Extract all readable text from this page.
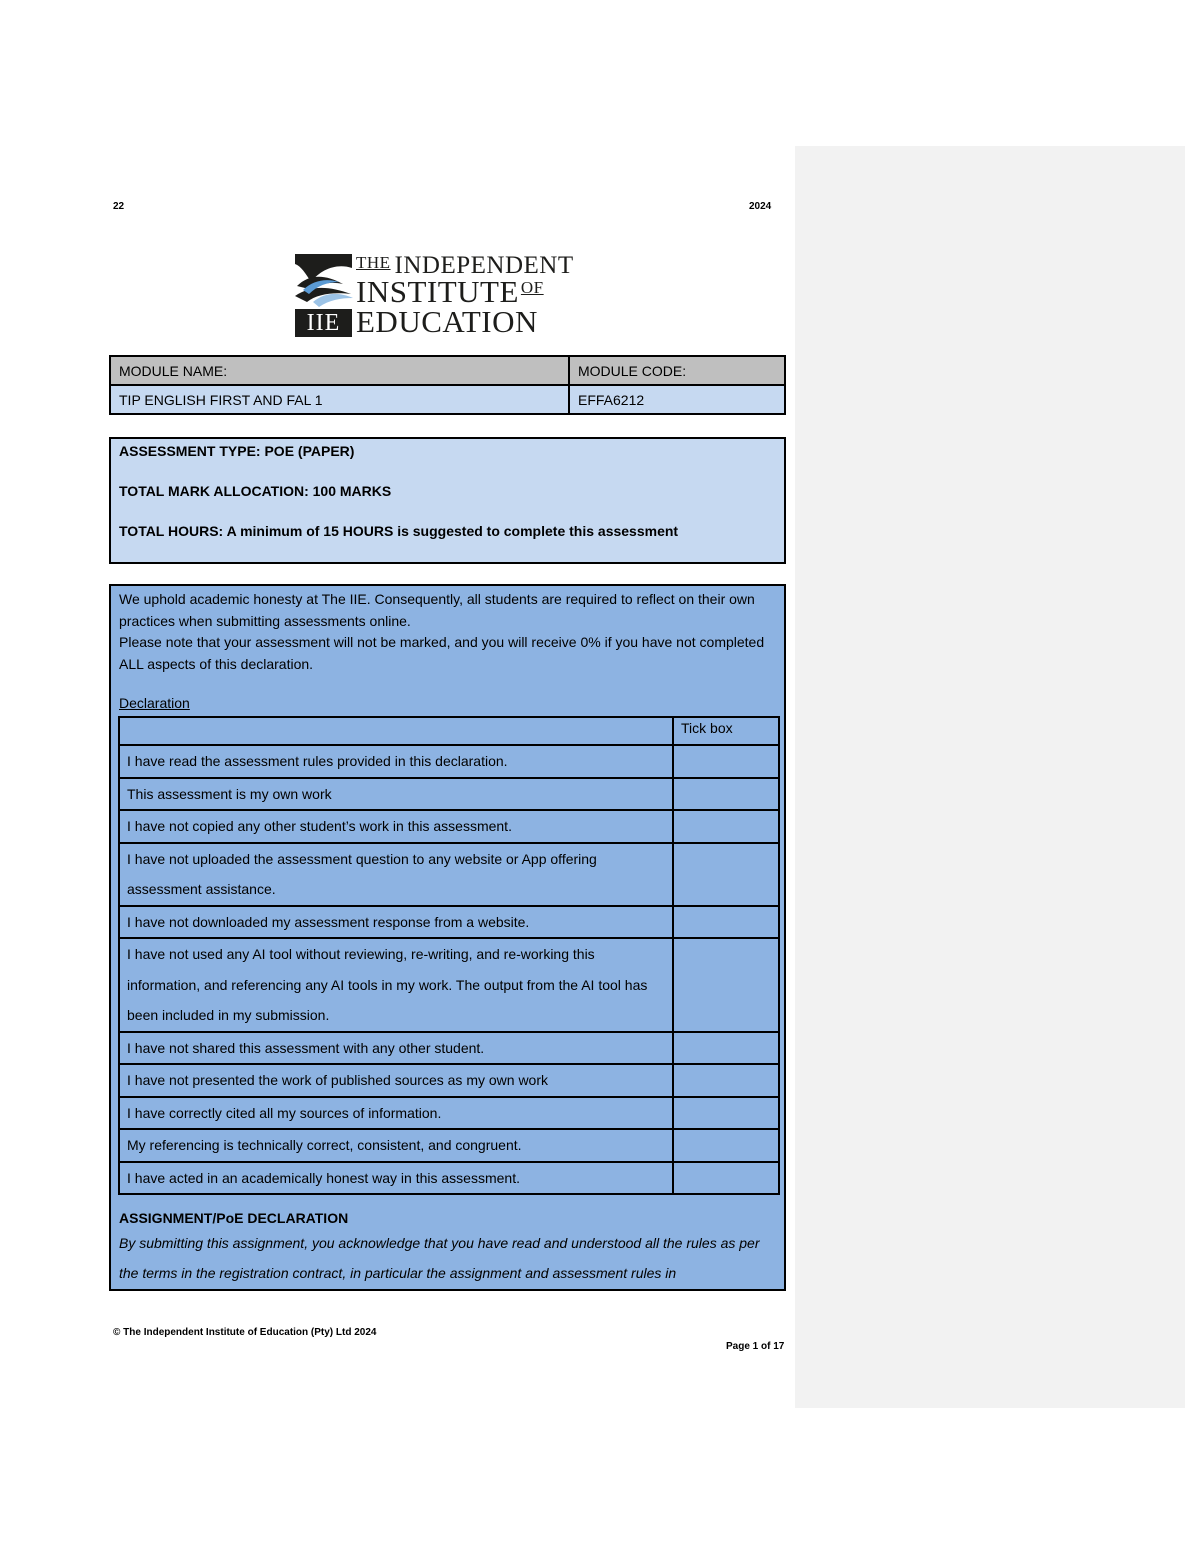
22	2024
$^{THE}$ INDEPENDENT
INSTITUTE $^{OF}$
EDUCATION
IIE
MODULE NAME:	MODULE CODE:
TIP ENGLISH FIRST AND FAL 1	EFFA6212
ASSESSMENT TYPE: POE (PAPER)
TOTAL MARK ALLOCATION: 100 MARKS
TOTAL HOURS: A minimum of 15 HOURS is suggested to complete this assessment
We uphold academic honesty at The IIE. Consequently, all students are required to reflect on their own practices when submitting assessments online.
Please note that your assessment will not be marked, and you will receive 0% if you have not completed ALL aspects of this declaration.
Declaration
	Tick box
I have read the assessment rules provided in this declaration.	
This assessment is my own work	
I have not copied any other student’s work in this assessment.	
I have not uploaded the assessment question to any website or App offering assessment assistance.	
I have not downloaded my assessment response from a website.	
I have not used any AI tool without reviewing, re-writing, and re-working this information, and referencing any AI tools in my work. The output from the AI tool has been included in my submission.	
I have not shared this assessment with any other student.	
I have not presented the work of published sources as my own work	
I have correctly cited all my sources of information.	
My referencing is technically correct, consistent, and congruent.	
I have acted in an academically honest way in this assessment.	
ASSIGNMENT/PoE DECLARATION
By submitting this assignment, you acknowledge that you have read and understood all the rules as per the terms in the registration contract, in particular the assignment and assessment rules in
© The Independent Institute of Education (Pty) Ltd 2024
Page 1 of 17
